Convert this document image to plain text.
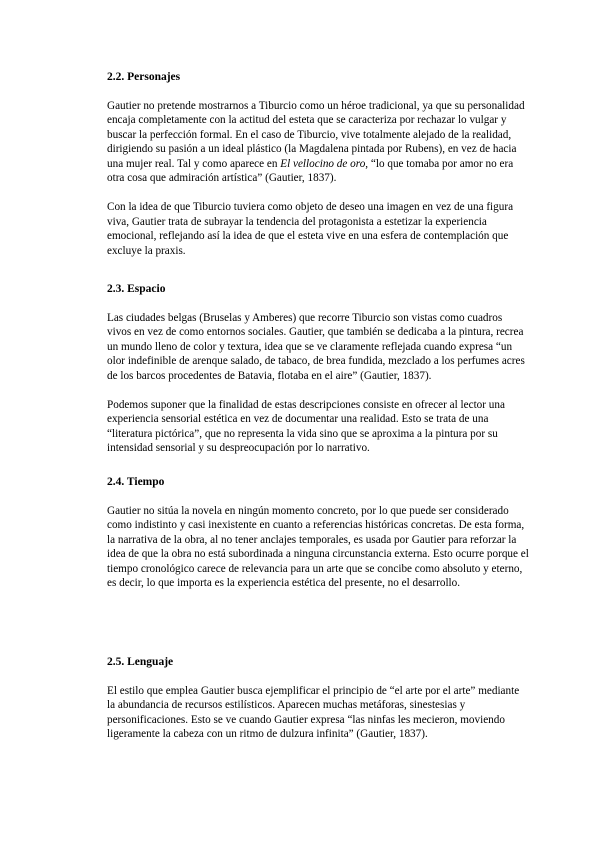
2.2. Personajes

Gautier no pretende mostrarnos a Tiburcio como un héroe tradicional, ya que su personalidad encaja completamente con la actitud del esteta que se caracteriza por rechazar lo vulgar y buscar la perfección formal. En el caso de Tiburcio, vive totalmente alejado de la realidad, dirigiendo su pasión a un ideal plástico (la Magdalena pintada por Rubens), en vez de hacia una mujer real. Tal y como aparece en El vellocino de oro, “lo que tomaba por amor no era otra cosa que admiración artística” (Gautier, 1837).

Con la idea de que Tiburcio tuviera como objeto de deseo una imagen en vez de una figura viva, Gautier trata de subrayar la tendencia del protagonista a estetizar la experiencia emocional, reflejando así la idea de que el esteta vive en una esfera de contemplación que excluye la praxis.

2.3. Espacio

Las ciudades belgas (Bruselas y Amberes) que recorre Tiburcio son vistas como cuadros vivos en vez de como entornos sociales. Gautier, que también se dedicaba a la pintura, recrea un mundo lleno de color y textura, idea que se ve claramente reflejada cuando expresa “un olor indefinible de arenque salado, de tabaco, de brea fundida, mezclado a los perfumes acres de los barcos procedentes de Batavia, flotaba en el aire” (Gautier, 1837).

Podemos suponer que la finalidad de estas descripciones consiste en ofrecer al lector una experiencia sensorial estética en vez de documentar una realidad. Esto se trata de una “literatura pictórica”, que no representa la vida sino que se aproxima a la pintura por su intensidad sensorial y su despreocupación por lo narrativo.

2.4. Tiempo

Gautier no sitúa la novela en ningún momento concreto, por lo que puede ser considerado como indistinto y casi inexistente en cuanto a referencias históricas concretas. De esta forma, la narrativa de la obra, al no tener anclajes temporales, es usada por Gautier para reforzar la idea de que la obra no está subordinada a ninguna circunstancia externa. Esto ocurre porque el tiempo cronológico carece de relevancia para un arte que se concibe como absoluto y eterno, es decir, lo que importa es la experiencia estética del presente, no el desarrollo.

2.5. Lenguaje

El estilo que emplea Gautier busca ejemplificar el principio de “el arte por el arte” mediante la abundancia de recursos estilísticos. Aparecen muchas metáforas, sinestesias y personificaciones. Esto se ve cuando Gautier expresa “las ninfas les mecieron, moviendo ligeramente la cabeza con un ritmo de dulzura infinita” (Gautier, 1837).
